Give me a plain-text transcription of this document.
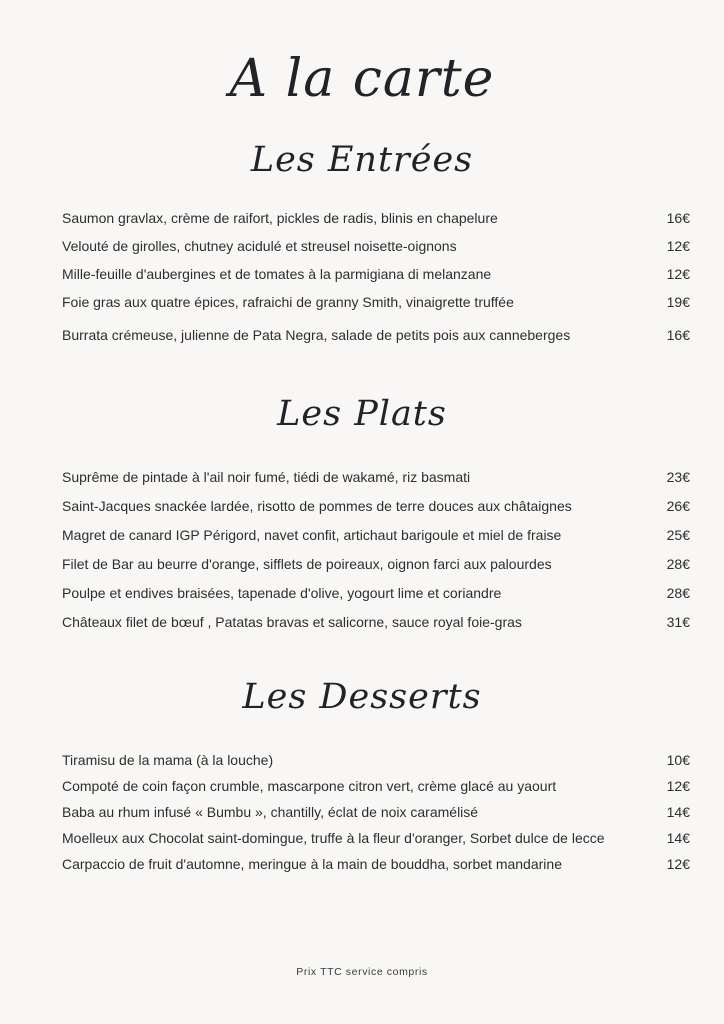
A la carte
Les Entrées
Saumon gravlax, crème de raifort, pickles de radis, blinis en chapelure	16€
Velouté de girolles, chutney acidulé et streusel noisette-oignons	12€
Mille-feuille d'aubergines et de tomates à la parmigiana di melanzane	12€
Foie gras aux quatre épices, rafraichi de granny Smith, vinaigrette truffée	19€
Burrata crémeuse, julienne de Pata Negra, salade de petits pois aux canneberges	16€
Les Plats
Suprême de pintade à l'ail noir fumé, tiédi de wakamé, riz basmati	23€
Saint-Jacques snackée lardée, risotto de pommes de terre douces aux châtaignes	26€
Magret de canard IGP Périgord, navet confit, artichaut barigoule et miel de fraise	25€
Filet de Bar au beurre d'orange, sifflets de poireaux, oignon farci aux palourdes	28€
Poulpe et endives braisées, tapenade d'olive, yogourt lime et coriandre	28€
Châteaux filet de bœuf , Patatas bravas et salicorne, sauce royal foie-gras	31€
Les Desserts
Tiramisu de la mama (à la louche)	10€
Compoté de coin façon crumble, mascarpone citron vert, crème glacé au yaourt	12€
Baba au rhum infusé « Bumbu », chantilly, éclat de noix caramélisé	14€
Moelleux aux Chocolat saint-domingue, truffe à la fleur d'oranger, Sorbet dulce de lecce	14€
Carpaccio de fruit d'automne, meringue à la main de bouddha, sorbet mandarine	12€
Prix TTC service compris
